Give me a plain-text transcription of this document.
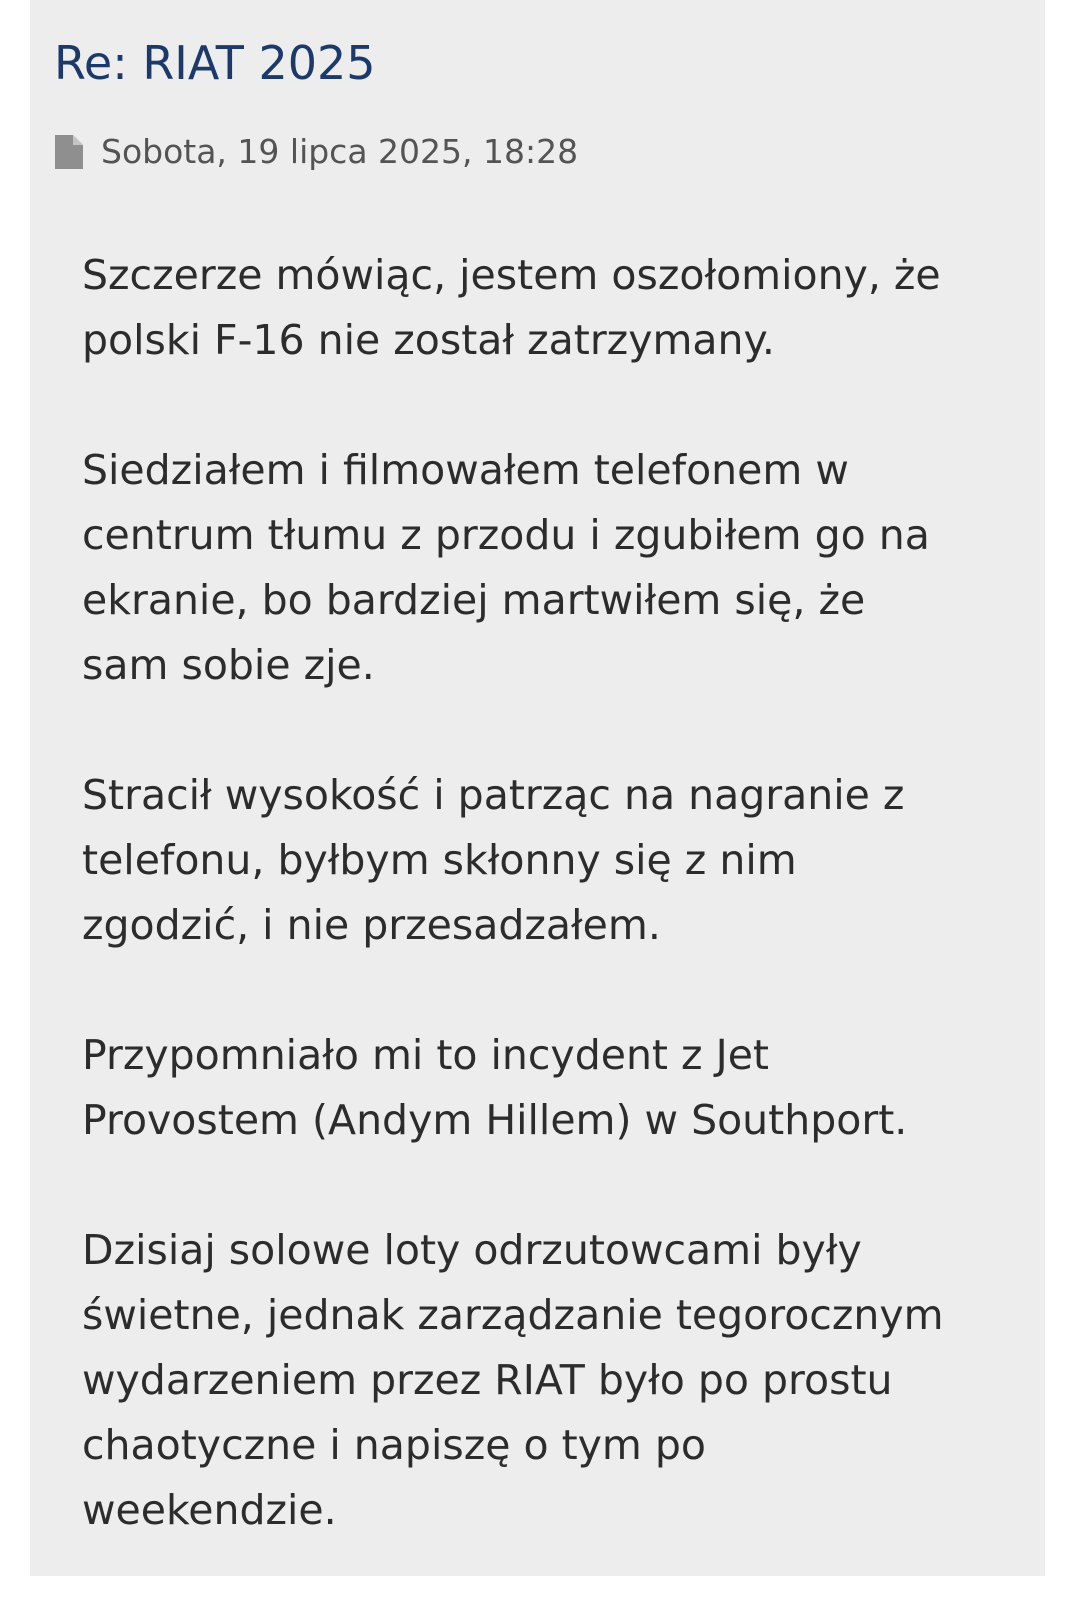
Re: RIAT 2025
Sobota, 19 lipca 2025, 18:28

Szczerze mówiąc, jestem oszołomiony, że
polski F-16 nie został zatrzymany.

Siedziałem i filmowałem telefonem w
centrum tłumu z przodu i zgubiłem go na
ekranie, bo bardziej martwiłem się, że
sam sobie zje.

Stracił wysokość i patrząc na nagranie z
telefonu, byłbym skłonny się z nim
zgodzić, i nie przesadzałem.

Przypomniało mi to incydent z Jet
Provostem (Andym Hillem) w Southport.

Dzisiaj solowe loty odrzutowcami były
świetne, jednak zarządzanie tegorocznym
wydarzeniem przez RIAT było po prostu
chaotyczne i napiszę o tym po
weekendzie.
